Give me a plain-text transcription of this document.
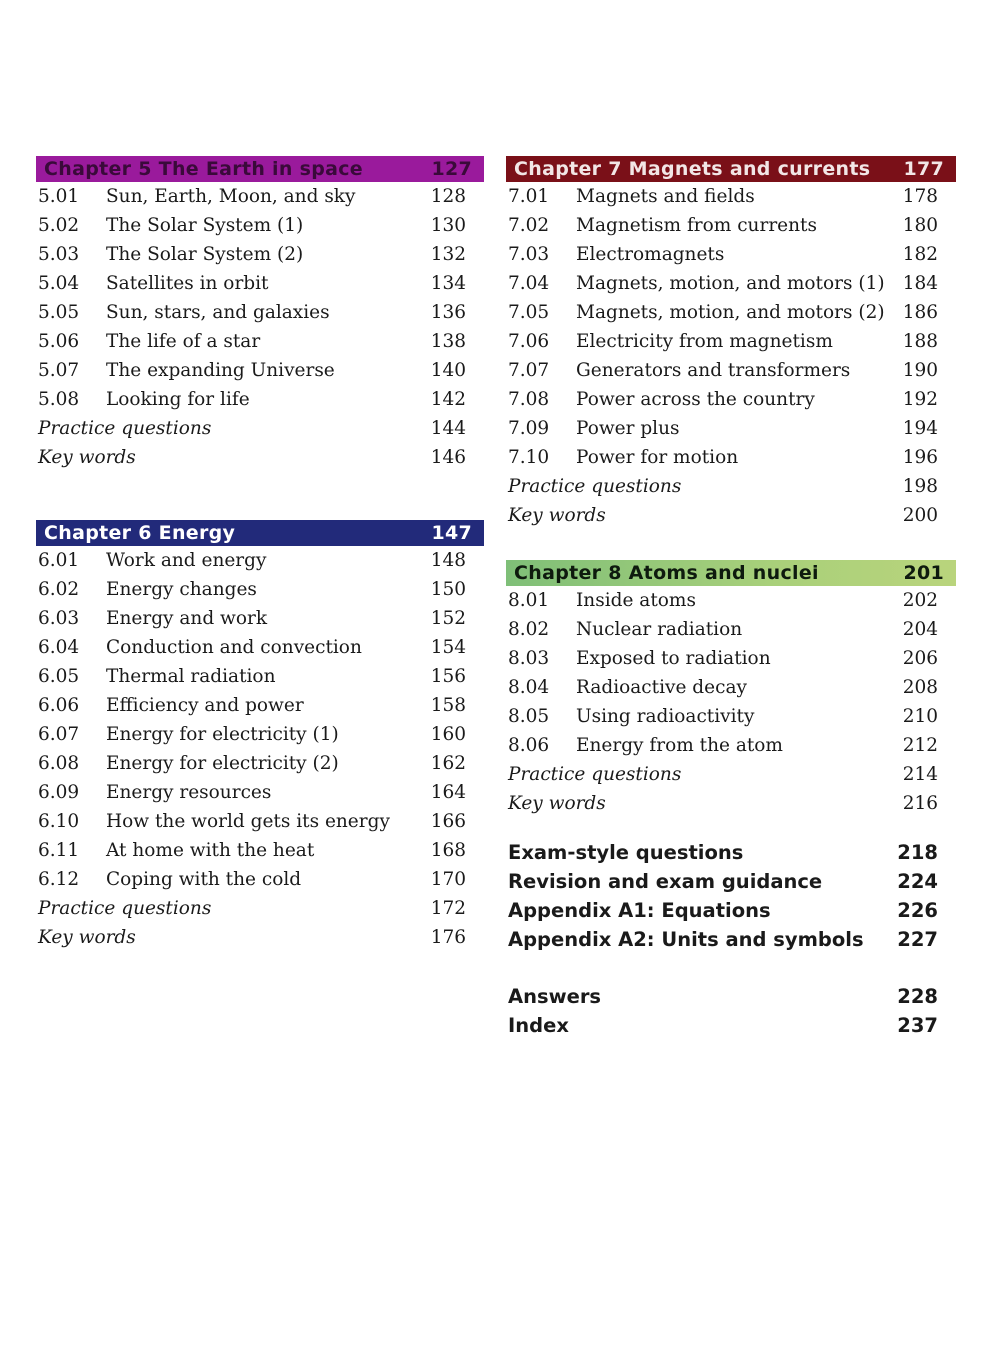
Chapter 5 The Earth in space	127
5.01	Sun, Earth, Moon, and sky	128
5.02	The Solar System (1)	130
5.03	The Solar System (2)	132
5.04	Satellites in orbit	134
5.05	Sun, stars, and galaxies	136
5.06	The life of a star	138
5.07	The expanding Universe	140
5.08	Looking for life	142
Practice questions	144
Key words	146
Chapter 6 Energy	147
6.01	Work and energy	148
6.02	Energy changes	150
6.03	Energy and work	152
6.04	Conduction and convection	154
6.05	Thermal radiation	156
6.06	Efficiency and power	158
6.07	Energy for electricity (1)	160
6.08	Energy for electricity (2)	162
6.09	Energy resources	164
6.10	How the world gets its energy	166
6.11	At home with the heat	168
6.12	Coping with the cold	170
Practice questions	172
Key words	176
Chapter 7 Magnets and currents 177
7.01	Magnets and fields	178
7.02	Magnetism from currents	180
7.03	Electromagnets	182
7.04	Magnets, motion, and motors (1) 184
7.05	Magnets, motion, and motors (2) 186
7.06	Electricity from magnetism	188
7.07	Generators and transformers	190
7.08	Power across the country	192
7.09	Power plus	194
7.10	Power for motion	196
Practice questions	198
Key words	200
Chapter 8 Atoms and nuclei	201
8.01	Inside atoms	202
8.02	Nuclear radiation	204
8.03	Exposed to radiation	206
8.04	Radioactive decay	208
8.05	Using radioactivity	210
8.06	Energy from the atom	212
Practice questions	214
Key words	216
Exam-style questions	218
Revision and exam guidance	224
Appendix A1: Equations	226
Appendix A2: Units and symbols 227
Answers	228
Index	237
